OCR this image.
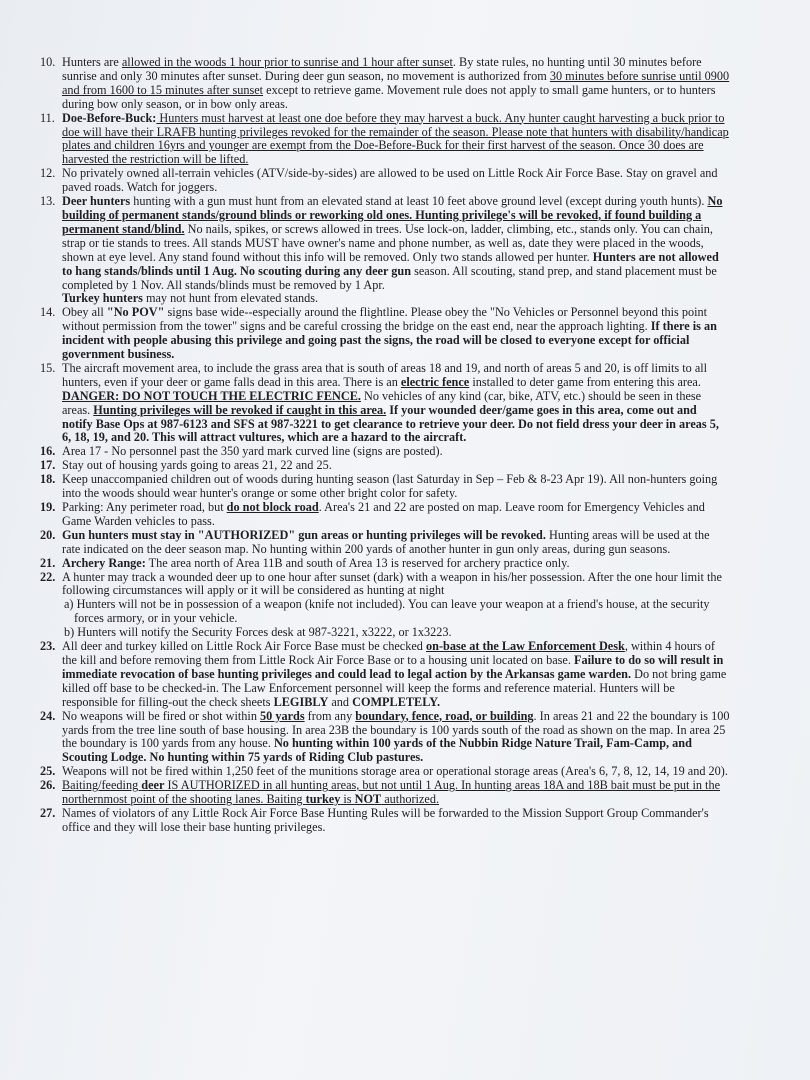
10. Hunters are allowed in the woods 1 hour prior to sunrise and 1 hour after sunset. By state rules, no hunting until 30 minutes before sunrise and only 30 minutes after sunset. During deer gun season, no movement is authorized from 30 minutes before sunrise until 0900 and from 1600 to 15 minutes after sunset except to retrieve game. Movement rule does not apply to small game hunters, or to hunters during bow only season, or in bow only areas.
11. Doe-Before-Buck: Hunters must harvest at least one doe before they may harvest a buck. Any hunter caught harvesting a buck prior to doe will have their LRAFB hunting privileges revoked for the remainder of the season. Please note that hunters with disability/handicap plates and children 16yrs and younger are exempt from the Doe-Before-Buck for their first harvest of the season. Once 30 does are harvested the restriction will be lifted.
12. No privately owned all-terrain vehicles (ATV/side-by-sides) are allowed to be used on Little Rock Air Force Base. Stay on gravel and paved roads. Watch for joggers.
13. Deer hunters hunting with a gun must hunt from an elevated stand at least 10 feet above ground level (except during youth hunts). No building of permanent stands/ground blinds or reworking old ones. Hunting privilege's will be revoked, if found building a permanent stand/blind. No nails, spikes, or screws allowed in trees. Use lock-on, ladder, climbing, etc., stands only. You can chain, strap or tie stands to trees. All stands MUST have owner's name and phone number, as well as, date they were placed in the woods, shown at eye level. Any stand found without this info will be removed. Only two stands allowed per hunter. Hunters are not allowed to hang stands/blinds until 1 Aug. No scouting during any deer gun season. All scouting, stand prep, and stand placement must be completed by 1 Nov. All stands/blinds must be removed by 1 Apr.
Turkey hunters may not hunt from elevated stands.
14. Obey all "No POV" signs base wide--especially around the flightline. Please obey the "No Vehicles or Personnel beyond this point without permission from the tower" signs and be careful crossing the bridge on the east end, near the approach lighting. If there is an incident with people abusing this privilege and going past the signs, the road will be closed to everyone except for official government business.
15. The aircraft movement area, to include the grass area that is south of areas 18 and 19, and north of areas 5 and 20, is off limits to all hunters, even if your deer or game falls dead in this area. There is an electric fence installed to deter game from entering this area. DANGER: DO NOT TOUCH THE ELECTRIC FENCE. No vehicles of any kind (car, bike, ATV, etc.) should be seen in these areas. Hunting privileges will be revoked if caught in this area. If your wounded deer/game goes in this area, come out and notify Base Ops at 987-6123 and SFS at 987-3221 to get clearance to retrieve your deer. Do not field dress your deer in areas 5, 6, 18, 19, and 20. This will attract vultures, which are a hazard to the aircraft.
16. Area 17 - No personnel past the 350 yard mark curved line (signs are posted).
17. Stay out of housing yards going to areas 21, 22 and 25.
18. Keep unaccompanied children out of woods during hunting season (last Saturday in Sep – Feb & 8-23 Apr 19). All non-hunters going into the woods should wear hunter's orange or some other bright color for safety.
19. Parking: Any perimeter road, but do not block road. Area's 21 and 22 are posted on map. Leave room for Emergency Vehicles and Game Warden vehicles to pass.
20. Gun hunters must stay in "AUTHORIZED" gun areas or hunting privileges will be revoked. Hunting areas will be used at the rate indicated on the deer season map. No hunting within 200 yards of another hunter in gun only areas, during gun seasons.
21. Archery Range: The area north of Area 11B and south of Area 13 is reserved for archery practice only.
22. A hunter may track a wounded deer up to one hour after sunset (dark) with a weapon in his/her possession. After the one hour limit the following circumstances will apply or it will be considered as hunting at night
a) Hunters will not be in possession of a weapon (knife not included). You can leave your weapon at a friend's house, at the security forces armory, or in your vehicle.
b) Hunters will notify the Security Forces desk at 987-3221, x3222, or 1x3223.
23. All deer and turkey killed on Little Rock Air Force Base must be checked on-base at the Law Enforcement Desk, within 4 hours of the kill and before removing them from Little Rock Air Force Base or to a housing unit located on base. Failure to do so will result in immediate revocation of base hunting privileges and could lead to legal action by the Arkansas game warden. Do not bring game killed off base to be checked-in. The Law Enforcement personnel will keep the forms and reference material. Hunters will be responsible for filling-out the check sheets LEGIBLY and COMPLETELY.
24. No weapons will be fired or shot within 50 yards from any boundary, fence, road, or building. In areas 21 and 22 the boundary is 100 yards from the tree line south of base housing. In area 23B the boundary is 100 yards south of the road as shown on the map. In area 25 the boundary is 100 yards from any house. No hunting within 100 yards of the Nubbin Ridge Nature Trail, Fam-Camp, and Scouting Lodge. No hunting within 75 yards of Riding Club pastures.
25. Weapons will not be fired within 1,250 feet of the munitions storage area or operational storage areas (Area's 6, 7, 8, 12, 14, 19 and 20).
26. Baiting/feeding deer IS AUTHORIZED in all hunting areas, but not until 1 Aug. In hunting areas 18A and 18B bait must be put in the northernmost point of the shooting lanes. Baiting turkey is NOT authorized.
27. Names of violators of any Little Rock Air Force Base Hunting Rules will be forwarded to the Mission Support Group Commander's office and they will lose their base hunting privileges.
